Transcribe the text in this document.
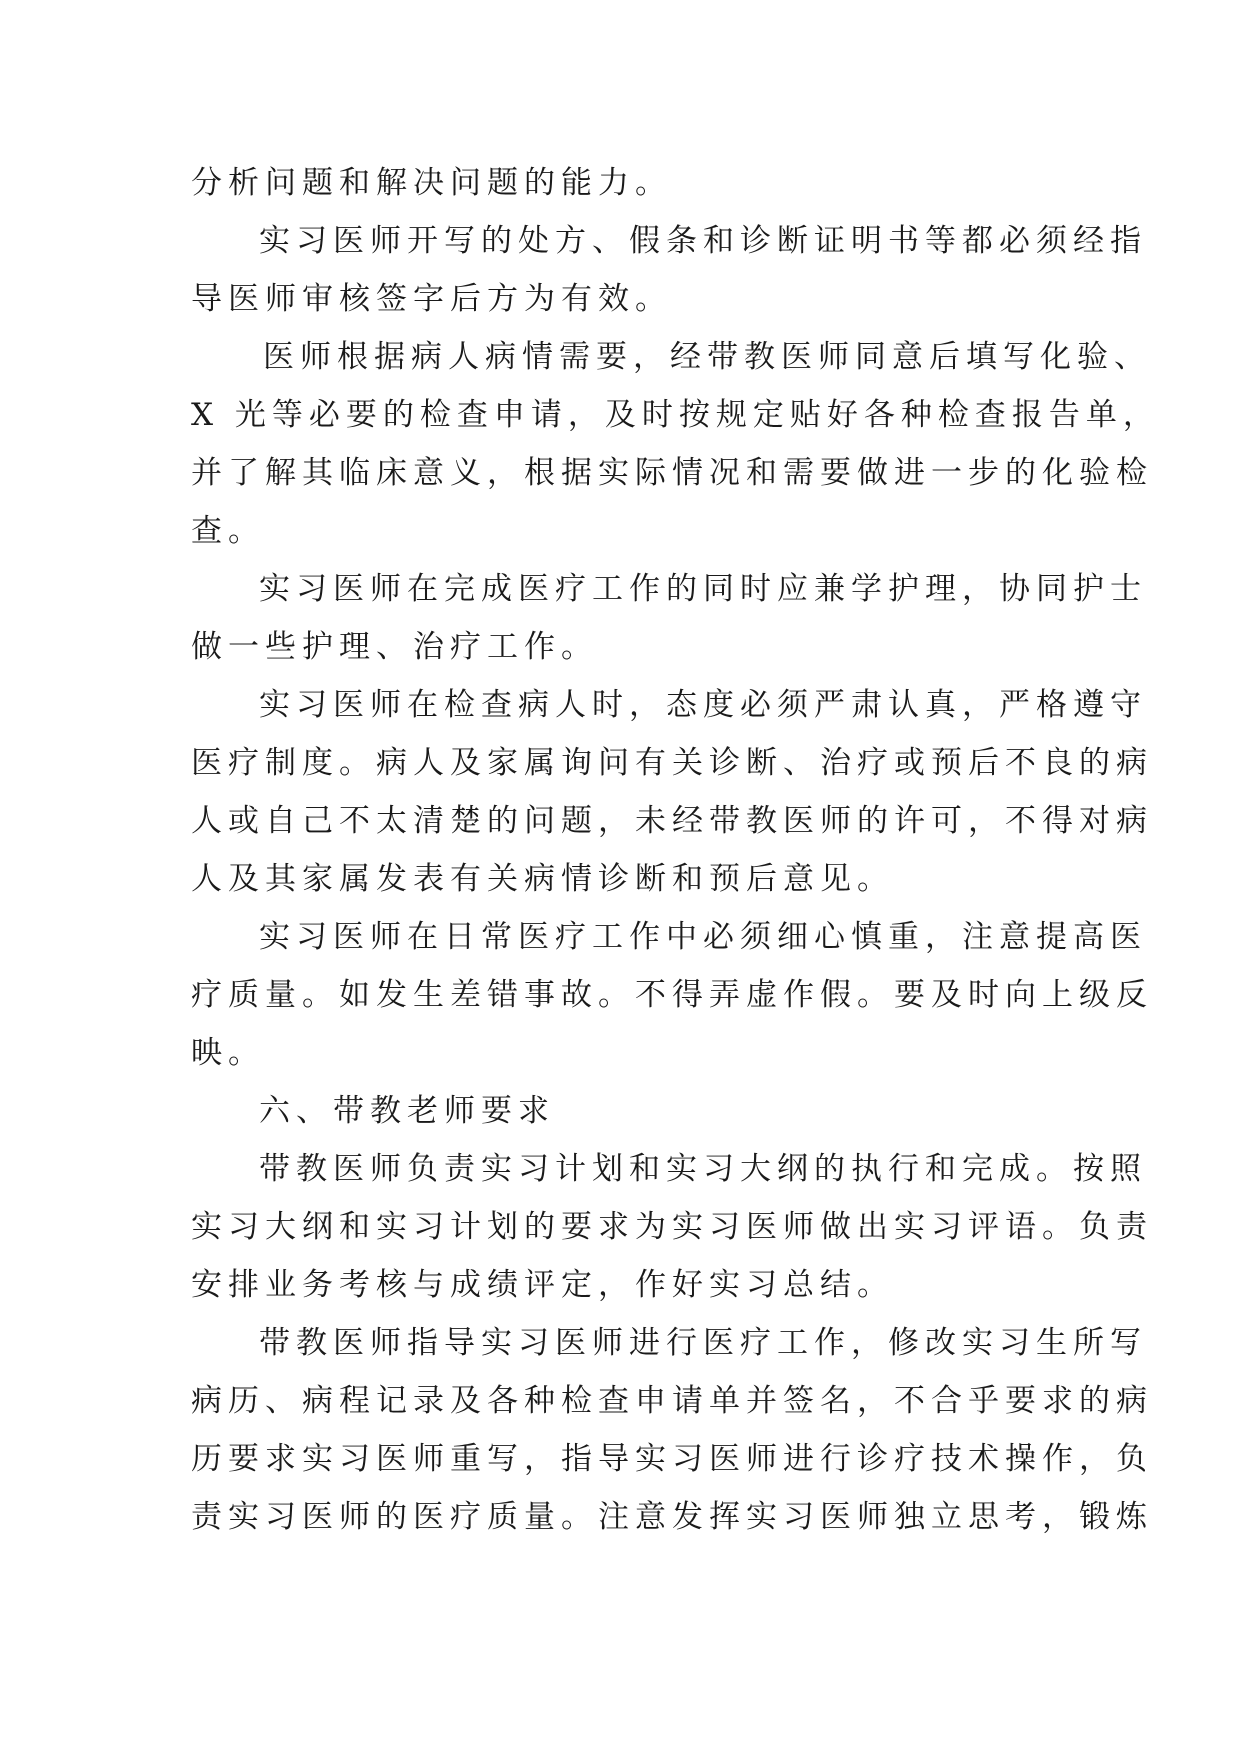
分析问题和解决问题的能力。
实习医师开写的处方、假条和诊断证明书等都必须经指
导医师审核签字后方为有效。
医师根据病人病情需要，经带教医师同意后填写化验、
X 光等必要的检查申请，及时按规定贴好各种检查报告单，
并了解其临床意义，根据实际情况和需要做进一步的化验检
查。
实习医师在完成医疗工作的同时应兼学护理，协同护士
做一些护理、治疗工作。
实习医师在检查病人时，态度必须严肃认真，严格遵守
医疗制度。病人及家属询问有关诊断、治疗或预后不良的病
人或自己不太清楚的问题，未经带教医师的许可，不得对病
人及其家属发表有关病情诊断和预后意见。
实习医师在日常医疗工作中必须细心慎重，注意提高医
疗质量。如发生差错事故。不得弄虚作假。要及时向上级反
映。
六、带教老师要求
带教医师负责实习计划和实习大纲的执行和完成。按照
实习大纲和实习计划的要求为实习医师做出实习评语。负责
安排业务考核与成绩评定，作好实习总结。
带教医师指导实习医师进行医疗工作，修改实习生所写
病历、病程记录及各种检查申请单并签名，不合乎要求的病
历要求实习医师重写，指导实习医师进行诊疗技术操作，负
责实习医师的医疗质量。注意发挥实习医师独立思考，锻炼
